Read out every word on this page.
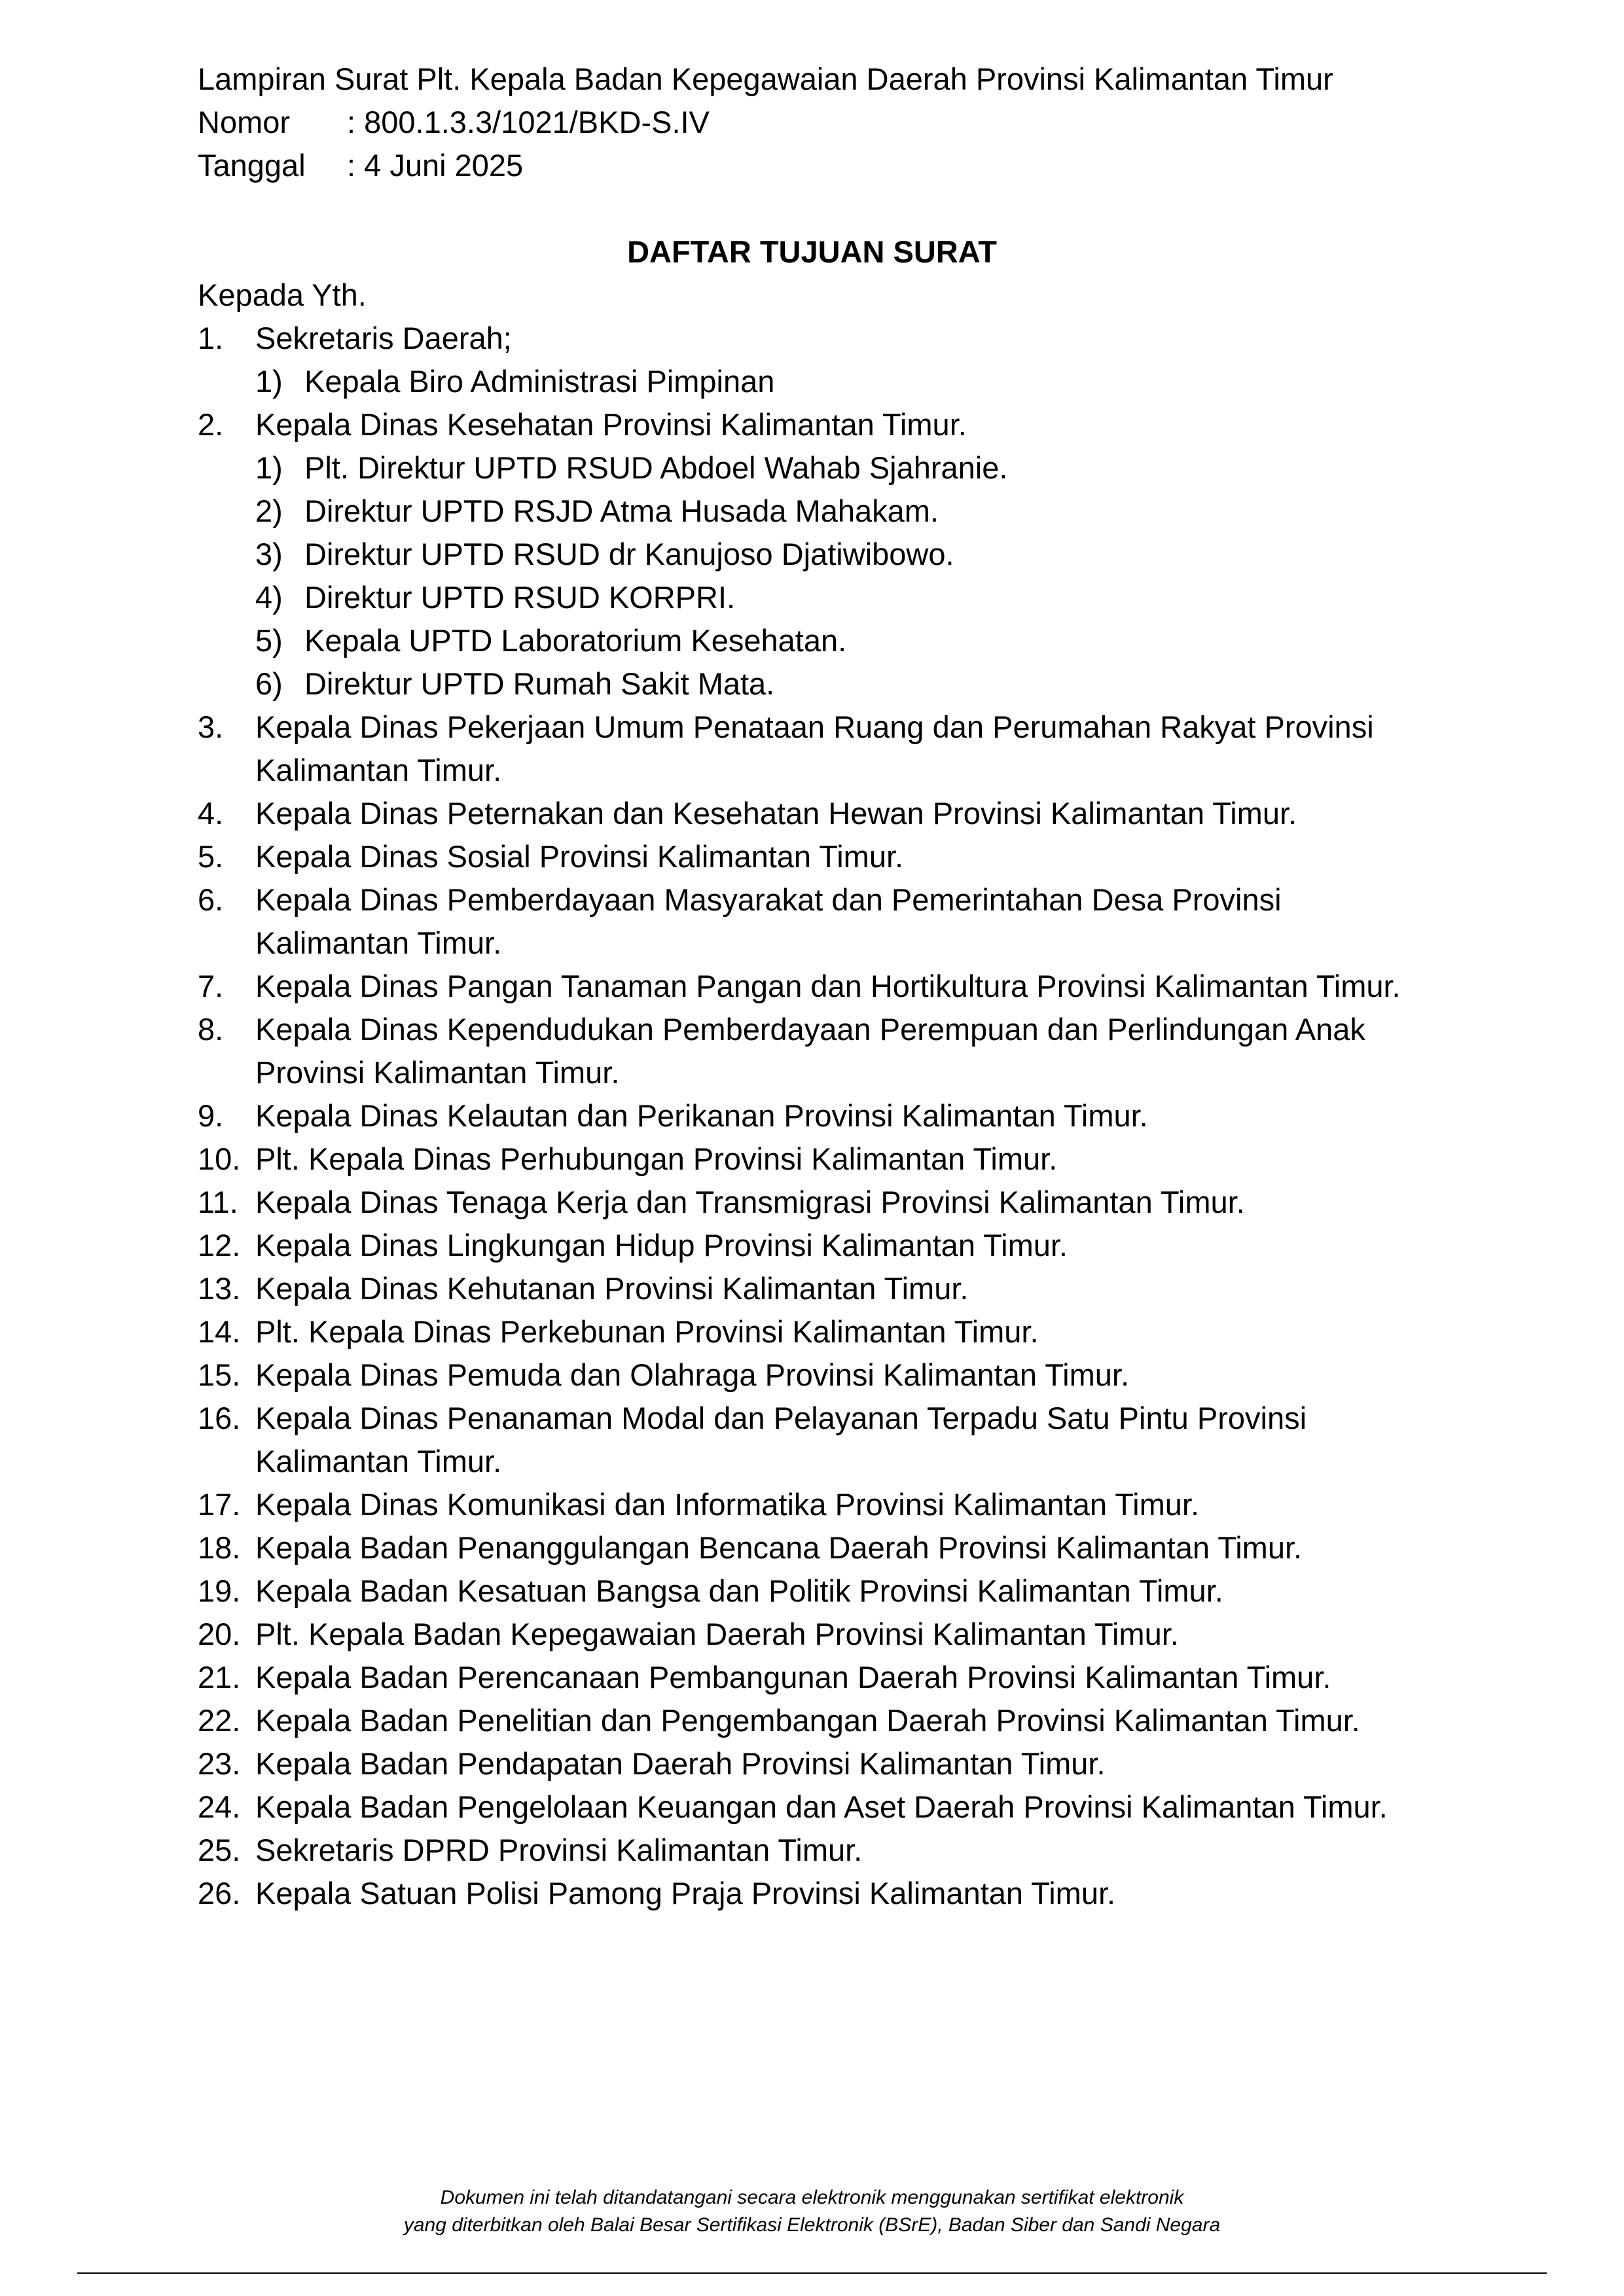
Lampiran Surat Plt. Kepala Badan Kepegawaian Daerah Provinsi Kalimantan Timur
Nomor : 800.1.3.3/1021/BKD-S.IV
Tanggal : 4 Juni 2025
DAFTAR TUJUAN SURAT
Kepada Yth.
1. Sekretaris Daerah;
1) Kepala Biro Administrasi Pimpinan
2. Kepala Dinas Kesehatan Provinsi Kalimantan Timur.
1) Plt. Direktur UPTD RSUD Abdoel Wahab Sjahranie.
2) Direktur UPTD RSJD Atma Husada Mahakam.
3) Direktur UPTD RSUD dr Kanujoso Djatiwibowo.
4) Direktur UPTD RSUD KORPRI.
5) Kepala UPTD Laboratorium Kesehatan.
6) Direktur UPTD Rumah Sakit Mata.
3. Kepala Dinas Pekerjaan Umum Penataan Ruang dan Perumahan Rakyat Provinsi Kalimantan Timur.
4. Kepala Dinas Peternakan dan Kesehatan Hewan Provinsi Kalimantan Timur.
5. Kepala Dinas Sosial Provinsi Kalimantan Timur.
6. Kepala Dinas Pemberdayaan Masyarakat dan Pemerintahan Desa Provinsi Kalimantan Timur.
7. Kepala Dinas Pangan Tanaman Pangan dan Hortikultura Provinsi Kalimantan Timur.
8. Kepala Dinas Kependudukan Pemberdayaan Perempuan dan Perlindungan Anak Provinsi Kalimantan Timur.
9. Kepala Dinas Kelautan dan Perikanan Provinsi Kalimantan Timur.
10. Plt. Kepala Dinas Perhubungan Provinsi Kalimantan Timur.
11. Kepala Dinas Tenaga Kerja dan Transmigrasi Provinsi Kalimantan Timur.
12. Kepala Dinas Lingkungan Hidup Provinsi Kalimantan Timur.
13. Kepala Dinas Kehutanan Provinsi Kalimantan Timur.
14. Plt. Kepala Dinas Perkebunan Provinsi Kalimantan Timur.
15. Kepala Dinas Pemuda dan Olahraga Provinsi Kalimantan Timur.
16. Kepala Dinas Penanaman Modal dan Pelayanan Terpadu Satu Pintu Provinsi Kalimantan Timur.
17. Kepala Dinas Komunikasi dan Informatika Provinsi Kalimantan Timur.
18. Kepala Badan Penanggulangan Bencana Daerah Provinsi Kalimantan Timur.
19. Kepala Badan Kesatuan Bangsa dan Politik Provinsi Kalimantan Timur.
20. Plt. Kepala Badan Kepegawaian Daerah Provinsi Kalimantan Timur.
21. Kepala Badan Perencanaan Pembangunan Daerah Provinsi Kalimantan Timur.
22. Kepala Badan Penelitian dan Pengembangan Daerah Provinsi Kalimantan Timur.
23. Kepala Badan Pendapatan Daerah Provinsi Kalimantan Timur.
24. Kepala Badan Pengelolaan Keuangan dan Aset Daerah Provinsi Kalimantan Timur.
25. Sekretaris DPRD Provinsi Kalimantan Timur.
26. Kepala Satuan Polisi Pamong Praja Provinsi Kalimantan Timur.
Dokumen ini telah ditandatangani secara elektronik menggunakan sertifikat elektronik
yang diterbitkan oleh Balai Besar Sertifikasi Elektronik (BSrE), Badan Siber dan Sandi Negara
